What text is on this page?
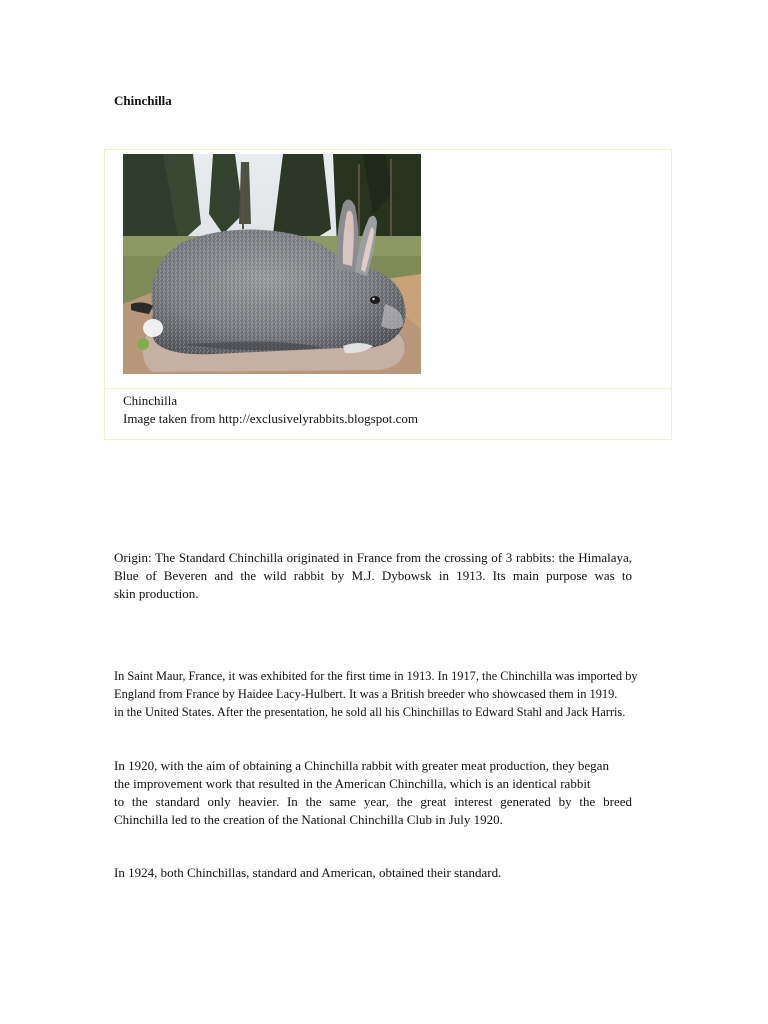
Chinchilla
Chinchilla
Image taken from http://exclusivelyrabbits.blogspot.com

Origin: The Standard Chinchilla originated in France from the crossing of 3 rabbits: the Himalaya,
Blue of Beveren and the wild rabbit by M.J. Dybowsk in 1913. Its main purpose was to
skin production.

In Saint Maur, France, it was exhibited for the first time in 1913. In 1917, the Chinchilla was imported by
England from France by Haidee Lacy-Hulbert. It was a British breeder who showcased them in 1919.
in the United States. After the presentation, he sold all his Chinchillas to Edward Stahl and Jack Harris.

In 1920, with the aim of obtaining a Chinchilla rabbit with greater meat production, they began
the improvement work that resulted in the American Chinchilla, which is an identical rabbit
to the standard only heavier. In the same year, the great interest generated by the breed
Chinchilla led to the creation of the National Chinchilla Club in July 1920.

In 1924, both Chinchillas, standard and American, obtained their standard.
